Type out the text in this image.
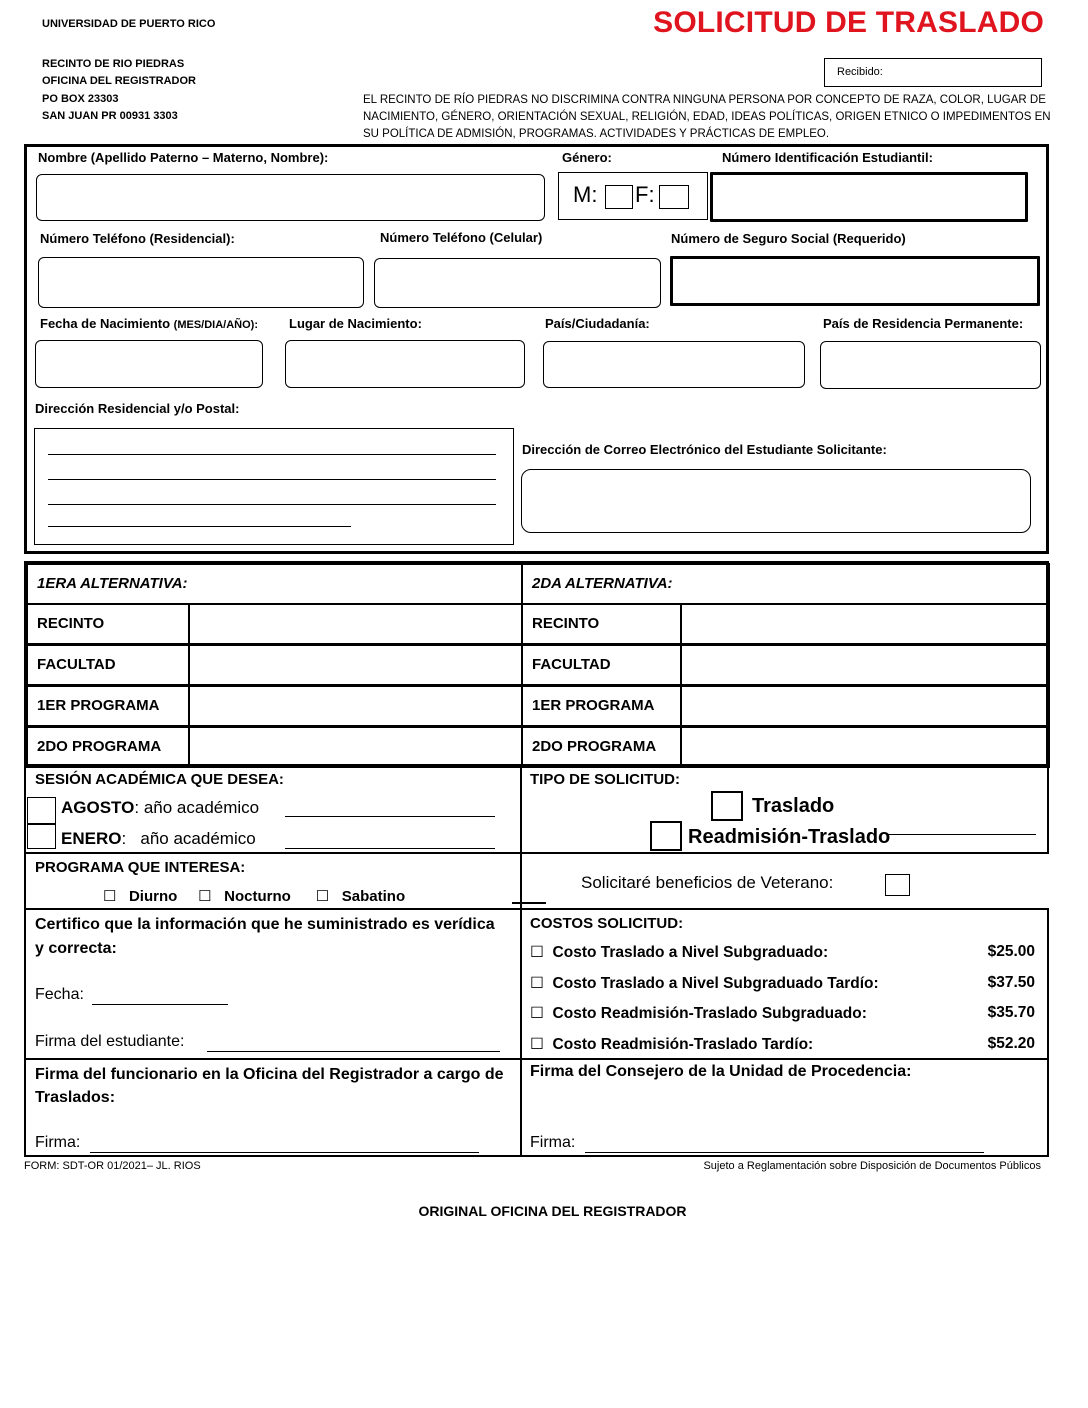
UNIVERSIDAD DE PUERTO RICO
RECINTO DE RIO PIEDRAS
OFICINA DEL REGISTRADOR
PO BOX 23303
SAN JUAN PR 00931 3303
SOLICITUD DE TRASLADO
Recibido:
EL RECINTO DE RÍO PIEDRAS NO DISCRIMINA CONTRA NINGUNA PERSONA POR CONCEPTO DE RAZA, COLOR, LUGAR DE NACIMIENTO, GÉNERO, ORIENTACIÓN SEXUAL, RELIGIÓN, EDAD, IDEAS POLÍTICAS, ORIGEN ETNICO O IMPEDIMENTOS EN SU POLÍTICA DE ADMISIÓN, PROGRAMAS. ACTIVIDADES Y PRÁCTICAS DE EMPLEO.
Nombre (Apellido Paterno – Materno, Nombre):	Género:
M: F:
Número Identificación Estudiantil:
Número Teléfono (Residencial):	Número Teléfono (Celular)	Número de Seguro Social (Requerido)
Fecha de Nacimiento (MES/DIA/AÑO): Lugar de Nacimiento:	País/Ciudadanía:	País de Residencia Permanente:
Dirección Residencial y/o Postal:
Dirección de Correo Electrónico del Estudiante Solicitante:
1ERA ALTERNATIVA:	2DA ALTERNATIVA:
RECINTO	RECINTO
FACULTAD	FACULTAD
1ER PROGRAMA	1ER PROGRAMA
2DO PROGRAMA	2DO PROGRAMA
SESIÓN ACADÉMICA QUE DESEA:
AGOSTO: año académico
ENERO:   año académico
TIPO DE SOLICITUD:
Traslado
Readmisión-Traslado
PROGRAMA QUE INTERESA:
☐ Diurno ☐ Nocturno ☐ Sabatino
Solicitaré beneficios de Veterano:
Certifico que la información que he suministrado es verídica y correcta:
Fecha:
Firma del estudiante:
COSTOS SOLICITUD:
☐ Costo Traslado a Nivel Subgraduado:	$25.00
☐ Costo Traslado a Nivel Subgraduado Tardío:	$37.50
☐ Costo Readmisión-Traslado Subgraduado:	$35.70
☐ Costo Readmisión-Traslado Tardío:	$52.20
Firma del funcionario en la Oficina del Registrador a cargo de Traslados:
Firma:
Firma del Consejero de la Unidad de Procedencia:
Firma:
FORM: SDT-OR 01/2021– JL. RIOS	Sujeto a Reglamentación sobre Disposición de Documentos Públicos
ORIGINAL OFICINA DEL REGISTRADOR
